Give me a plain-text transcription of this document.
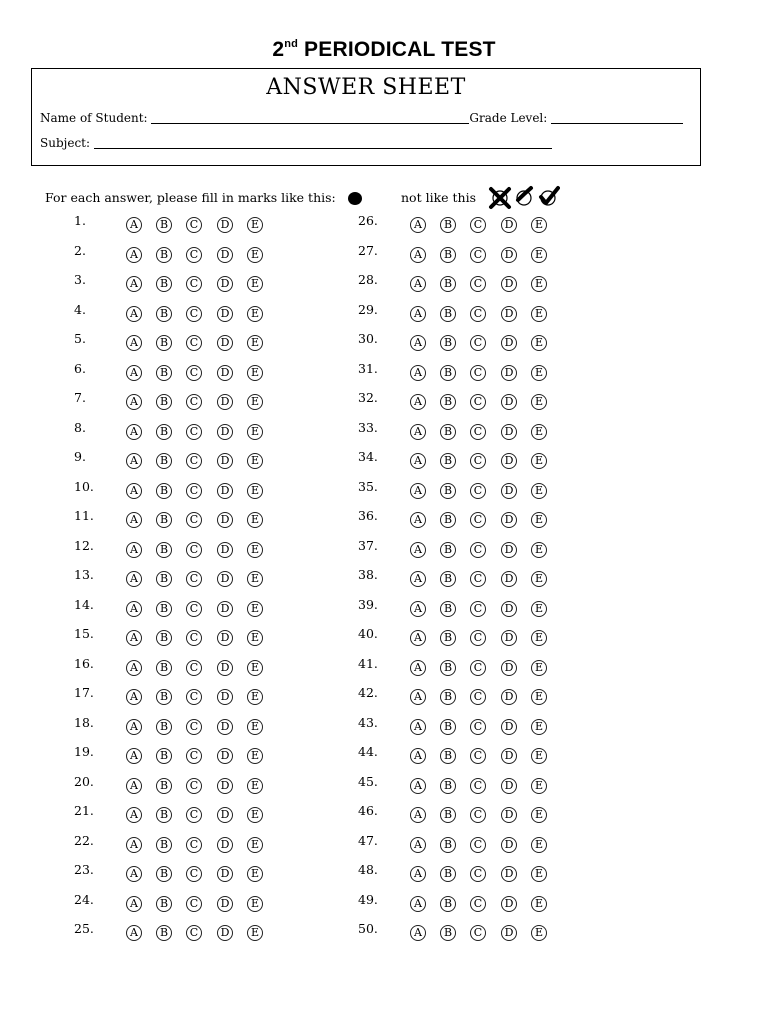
2nd PERIODICAL TEST
ANSWER SHEET
Name of Student:	Grade Level:
Subject:
For each answer, please fill in marks like this:	not like this
1.	A	B	C	D	E
2.	A	B	C	D	E
3.	A	B	C	D	E
4.	A	B	C	D	E
5.	A	B	C	D	E
6.	A	B	C	D	E
7.	A	B	C	D	E
8.	A	B	C	D	E
9.	A	B	C	D	E
10.	A	B	C	D	E
11.	A	B	C	D	E
12.	A	B	C	D	E
13.	A	B	C	D	E
14.	A	B	C	D	E
15.	A	B	C	D	E
16.	A	B	C	D	E
17.	A	B	C	D	E
18.	A	B	C	D	E
19.	A	B	C	D	E
20.	A	B	C	D	E
21.	A	B	C	D	E
22.	A	B	C	D	E
23.	A	B	C	D	E
24.	A	B	C	D	E
25.	A	B	C	D	E
26.	A	B	C	D	E
27.	A	B	C	D	E
28.	A	B	C	D	E
29.	A	B	C	D	E
30.	A	B	C	D	E
31.	A	B	C	D	E
32.	A	B	C	D	E
33.	A	B	C	D	E
34.	A	B	C	D	E
35.	A	B	C	D	E
36.	A	B	C	D	E
37.	A	B	C	D	E
38.	A	B	C	D	E
39.	A	B	C	D	E
40.	A	B	C	D	E
41.	A	B	C	D	E
42.	A	B	C	D	E
43.	A	B	C	D	E
44.	A	B	C	D	E
45.	A	B	C	D	E
46.	A	B	C	D	E
47.	A	B	C	D	E
48.	A	B	C	D	E
49.	A	B	C	D	E
50.	A	B	C	D	E
